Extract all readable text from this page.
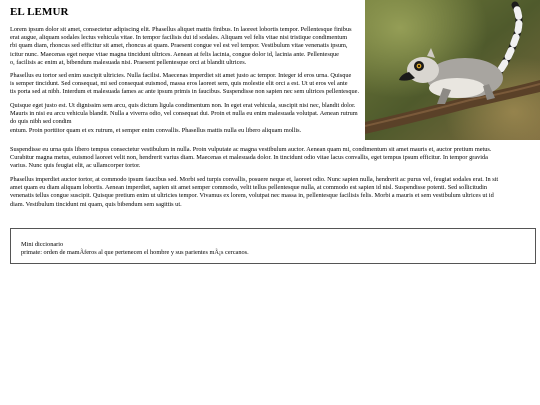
EL LEMUR

Lorem ipsum dolor sit amet, consectetur adipiscing elit. Phasellus aliquet mattis finibus. In laoreet lobortis tempor. Pellentesque finibus
erat augue, aliquam sodales lectus vehicula vitae. In tempor facilisis dui id sodales. Aliquam vel felis vitae nisi tristique condimentum
rbi quam diam, rhoncus sed efficitur sit amet, rhoncus at quam. Praesent congue vel est vel tempor. Vestibulum vitae venenatis ipsum,
icitur nunc. Maecenas eget neque vitae magna tincidunt ultrices. Aenean at felis lacinia, congue dolor id, lacinia ante. Pellentesque
o, facilisis ac enim at, bibendum malesuada nisi. Praesent pellentesque orci at blandit ultrices.

Phasellus eu tortor sed enim suscipit ultricies. Nulla facilisi. Maecenas imperdiet sit amet justo ac tempor. Integer id eros urna. Quisque
is semper tincidunt. Sed consequat, mi sed consequat euismod, massa eros laoreet sem, quis molestie elit orci a est. Ut ut eros vel ante
tis porta sed at nibh. Interdum et malesuada fames ac ante ipsum primis in faucibus. Suspendisse non sapien nec sem ultrices pellentesque.

Quisque eget justo est. Ut dignissim sem arcu, quis dictum ligula condimentum non. In eget erat vehicula, suscipit nisi nec, blandit dolor.
Mauris in nisi eu arcu vehicula blandit. Nulla a viverra odio, vel consequat dui. Proin et nulla eu enim malesuada volutpat. Aenean rutrum
do quis nibh sed condim
entum. Proin porttitor quam et ex rutrum, et semper enim convallis. Phasellus mattis nulla eu libero aliquam mollis.

Suspendisse eu urna quis libero tempus consectetur vestibulum in nulla. Proin vulputate ac magna vestibulum auctor. Aenean quam mi, condimentum sit amet mauris et, auctor pretium metus.
Curabitur magna metus, euismod laoreet velit non, hendrerit varius diam. Maecenas et malesuada dolor. In tincidunt odio vitae lacus convallis, eget tempus ipsum efficitur. In tempor gravida
varius. Nunc quis feugiat elit, ac ullamcorper tortor.

Phasellus imperdiet auctor tortor, at commodo ipsum faucibus sed. Morbi sed turpis convallis, posuere neque et, laoreet odio. Nunc sapien nulla, hendrerit ac purus vel, feugiat sodales erat. In sit
amet quam eu diam aliquam lobortis. Aenean imperdiet, sapien sit amet semper commodo, velit tellus pellentesque nulla, at commodo est sapien id nisl. Suspendisse potenti. Sed sollicitudin
venenatis tellus congue suscipit. Quisque pretium enim ut ultricies tempor. Vivamus ex lorem, volutpat nec massa in, pellentesque facilisis felis. Morbi a mauris et sem vestibulum ultrices ut id
diam. Vestibulum tincidunt mi quam, quis bibendum sem sagittis ut.

Mini diccionario
primate: orden de mamÃferos al que pertenecen el hombre y sus parientes mÃ¡s cercanos.
